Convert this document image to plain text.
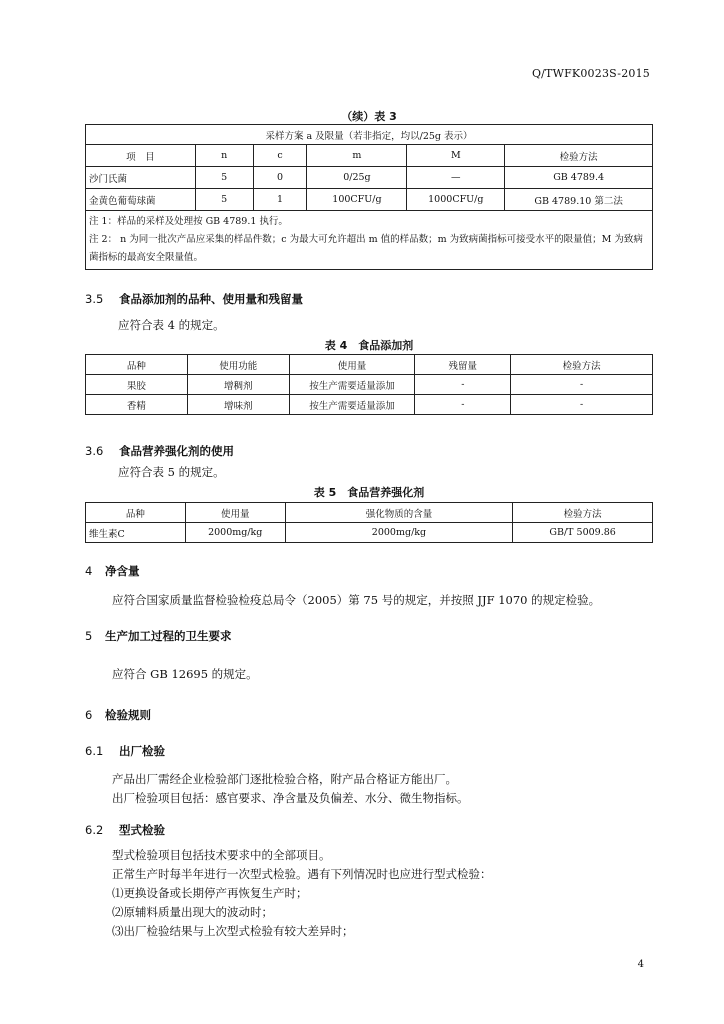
Q/TWFK0023S-2015
（续）表 3
采样方案 a 及限量（若非指定，均以/25g 表示）					
项　目	n	c	m	M	检验方法
沙门氏菌	5	0	0/25g	—	GB 4789.4
金黄色葡萄球菌	5	1	100CFU/g	1000CFU/g	GB 4789.10 第二法

注 1：样品的采样及处理按 GB 4789.1 执行。
注 2： n 为同一批次产品应采集的样品件数；c 为最大可允许超出 m 值的样品数；m 为致病菌指标可接受水平的限量值；M 为致病菌指标的最高安全限量值。					
3.5 食品添加剂的品种、使用量和残留量
应符合表 4 的规定。
表 4　食品添加剂
品种	使用功能	使用量	残留量	检验方法
果胶	增稠剂	按生产需要适量添加	-	-
香精	增味剂	按生产需要适量添加	-	-
3.6 食品营养强化剂的使用
应符合表 5 的规定。
表 5　食品营养强化剂
品种	使用量	强化物质的含量	检验方法
维生素C	2000mg/kg	2000mg/kg	GB/T 5009.86
4 净含量
应符合国家质量监督检验检疫总局令（2005）第 75 号的规定，并按照 JJF 1070 的规定检验。
5 生产加工过程的卫生要求
应符合 GB 12695 的规定。
6 检验规则
6.1 出厂检验
产品出厂需经企业检验部门逐批检验合格，附产品合格证方能出厂。
出厂检验项目包括：感官要求、净含量及负偏差、水分、微生物指标。
6.2 型式检验
型式检验项目包括技术要求中的全部项目。
正常生产时每半年进行一次型式检验。遇有下列情况时也应进行型式检验：
⑴更换设备或长期停产再恢复生产时；
⑵原辅料质量出现大的波动时；
⑶出厂检验结果与上次型式检验有较大差异时；
4
